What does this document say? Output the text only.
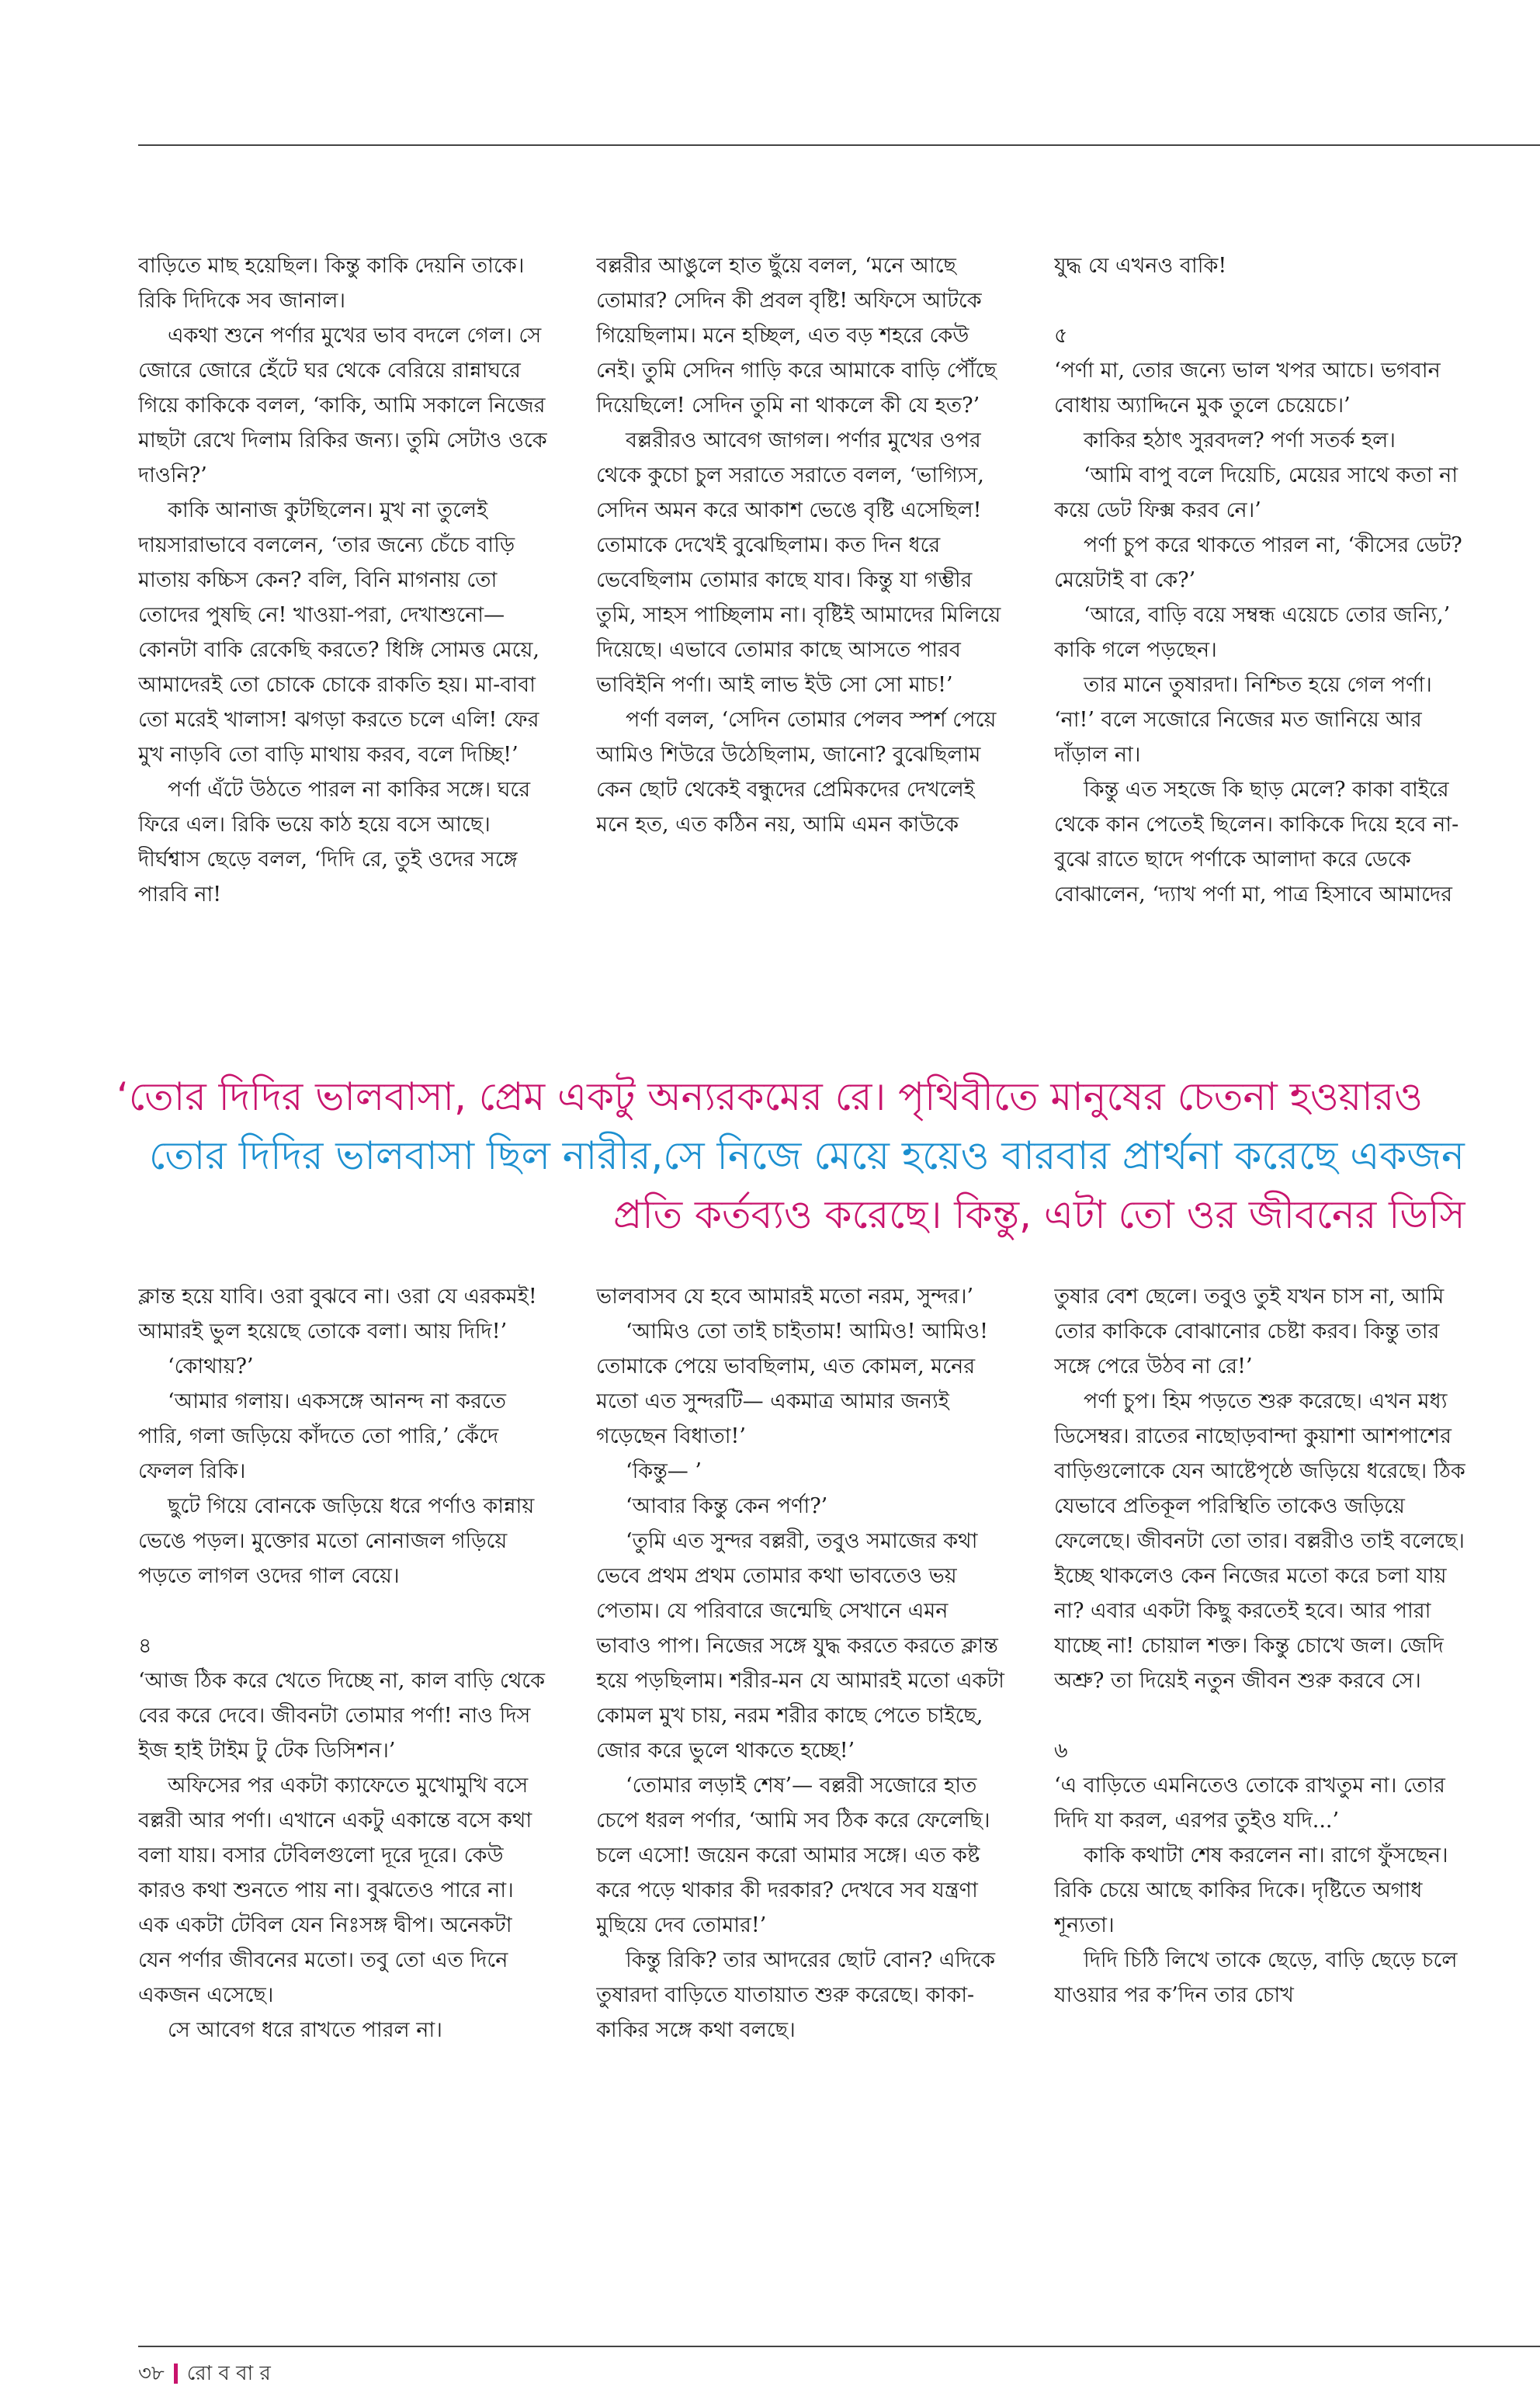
বাড়িতে মাছ হয়েছিল। কিন্তু কাকি দেয়নি তাকে। রিকি দিদিকে সব জানাল।

একথা শুনে পর্ণার মুখের ভাব বদলে গেল। সে জোরে জোরে হেঁটে ঘর থেকে বেরিয়ে রান্নাঘরে গিয়ে কাকিকে বলল, ‘কাকি, আমি সকালে নিজের মাছটা রেখে দিলাম রিকির জন্য। তুমি সেটাও ওকে দাওনি?’

কাকি আনাজ কুটছিলেন। মুখ না তুলেই দায়সারাভাবে বললেন, ‘তার জন্যে চেঁচে বাড়ি মাতায় কচ্চিস কেন? বলি, বিনি মাগনায় তো তোদের পুষছি নে! খাওয়া-পরা, দেখাশুনো— কোনটা বাকি রেকেছি করতে? ধিঙ্গি সোমত্ত মেয়ে, আমাদেরই তো চোকে চোকে রাকতি হয়। মা-বাবা তো মরেই খালাস! ঝগড়া করতে চলে এলি! ফের মুখ নাড়বি তো বাড়ি মাথায় করব, বলে দিচ্ছি!’

পর্ণা এঁটে উঠতে পারল না কাকির সঙ্গে। ঘরে ফিরে এল। রিকি ভয়ে কাঠ হয়ে বসে আছে। দীর্ঘশ্বাস ছেড়ে বলল, ‘দিদি রে, তুই ওদের সঙ্গে পারবি না!

বল্লরীর আঙুলে হাত ছুঁয়ে বলল, ‘মনে আছে তোমার? সেদিন কী প্রবল বৃষ্টি! অফিসে আটকে গিয়েছিলাম। মনে হচ্ছিল, এত বড় শহরে কেউ নেই। তুমি সেদিন গাড়ি করে আমাকে বাড়ি পৌঁছে দিয়েছিলে! সেদিন তুমি না থাকলে কী যে হত?’

বল্লরীরও আবেগ জাগল। পর্ণার মুখের ওপর থেকে কুচো চুল সরাতে সরাতে বলল, ‘ভাগ্যিস, সেদিন অমন করে আকাশ ভেঙে বৃষ্টি এসেছিল! তোমাকে দেখেই বুঝেছিলাম। কত দিন ধরে ভেবেছিলাম তোমার কাছে যাব। কিন্তু যা গম্ভীর তুমি, সাহস পাচ্ছিলাম না। বৃষ্টিই আমাদের মিলিয়ে দিয়েছে। এভাবে তোমার কাছে আসতে পারব ভাবিইনি পর্ণা। আই লাভ ইউ সো সো মাচ!’

পর্ণা বলল, ‘সেদিন তোমার পেলব স্পর্শ পেয়ে আমিও শিউরে উঠেছিলাম, জানো? বুঝেছিলাম কেন ছোট থেকেই বন্ধুদের প্রেমিকদের দেখলেই মনে হত, এত কঠিন নয়, আমি এমন কাউকে

যুদ্ধ যে এখনও বাকি!

৫

‘পর্ণা মা, তোর জন্যে ভাল খপর আচে। ভগবান বোধায় অ্যাদ্দিনে মুক তুলে চেয়েচে।’

কাকির হঠাৎ সুরবদল? পর্ণা সতর্ক হল।

‘আমি বাপু বলে দিয়েচি, মেয়ের সাথে কতা না কয়ে ডেট ফিক্স করব নে।’

পর্ণা চুপ করে থাকতে পারল না, ‘কীসের ডেট? মেয়েটাই বা কে?’

‘আরে, বাড়ি বয়ে সম্বন্ধ এয়েচে তোর জন্যি,’ কাকি গলে পড়ছেন।

তার মানে তুষারদা। নিশ্চিত হয়ে গেল পর্ণা। ‘না!’ বলে সজোরে নিজের মত জানিয়ে আর দাঁড়াল না।

কিন্তু এত সহজে কি ছাড় মেলে? কাকা বাইরে থেকে কান পেতেই ছিলেন। কাকিকে দিয়ে হবে না-বুঝে রাতে ছাদে পর্ণাকে আলাদা করে ডেকে বোঝালেন, ‘দ্যাখ পর্ণা মা, পাত্র হিসাবে আমাদের

‘তোর দিদির ভালবাসা, প্রেম একটু অন্যরকমের রে। পৃথিবীতে মানুষের চেতনা হওয়ারও
তোর দিদির ভালবাসা ছিল নারীর,সে নিজে মেয়ে হয়েও বারবার প্রার্থনা করেছে একজন
প্রতি কর্তব্যও করেছে। কিন্তু, এটা তো ওর জীবনের ডিসি

ক্লান্ত হয়ে যাবি। ওরা বুঝবে না। ওরা যে এরকমই! আমারই ভুল হয়েছে তোকে বলা। আয় দিদি!’

‘কোথায়?’

‘আমার গলায়। একসঙ্গে আনন্দ না করতে পারি, গলা জড়িয়ে কাঁদতে তো পারি,’ কেঁদে ফেলল রিকি।

ছুটে গিয়ে বোনকে জড়িয়ে ধরে পর্ণাও কান্নায় ভেঙে পড়ল। মুক্তোর মতো নোনাজল গড়িয়ে পড়তে লাগল ওদের গাল বেয়ে।

৪

‘আজ ঠিক করে খেতে দিচ্ছে না, কাল বাড়ি থেকে বের করে দেবে। জীবনটা তোমার পর্ণা! নাও দিস ইজ হাই টাইম টু টেক ডিসিশন।’

অফিসের পর একটা ক্যাফেতে মুখোমুখি বসে বল্লরী আর পর্ণা। এখানে একটু একান্তে বসে কথা বলা যায়। বসার টেবিলগুলো দূরে দূরে। কেউ কারও কথা শুনতে পায় না। বুঝতেও পারে না। এক একটা টেবিল যেন নিঃসঙ্গ দ্বীপ। অনেকটা যেন পর্ণার জীবনের মতো। তবু তো এত দিনে একজন এসেছে।

সে আবেগ ধরে রাখতে পারল না।

ভালবাসব যে হবে আমারই মতো নরম, সুন্দর।’

‘আমিও তো তাই চাইতাম! আমিও! আমিও! তোমাকে পেয়ে ভাবছিলাম, এত কোমল, মনের মতো এত সুন্দরটি— একমাত্র আমার জন্যই গড়েছেন বিধাতা!’

‘কিন্তু— ’

‘আবার কিন্তু কেন পর্ণা?’

‘তুমি এত সুন্দর বল্লরী, তবুও সমাজের কথা ভেবে প্রথম প্রথম তোমার কথা ভাবতেও ভয় পেতাম। যে পরিবারে জন্মেছি সেখানে এমন ভাবাও পাপ। নিজের সঙ্গে যুদ্ধ করতে করতে ক্লান্ত হয়ে পড়ছিলাম। শরীর-মন যে আমারই মতো একটা কোমল মুখ চায়, নরম শরীর কাছে পেতে চাইছে, জোর করে ভুলে থাকতে হচ্ছে!’

‘তোমার লড়াই শেষ’— বল্লরী সজোরে হাত চেপে ধরল পর্ণার, ‘আমি সব ঠিক করে ফেলেছি। চলে এসো! জয়েন করো আমার সঙ্গে। এত কষ্ট করে পড়ে থাকার কী দরকার? দেখবে সব যন্ত্রণা মুছিয়ে দেব তোমার!’

কিন্তু রিকি? তার আদরের ছোট বোন? এদিকে তুষারদা বাড়িতে যাতায়াত শুরু করেছে। কাকা-কাকির সঙ্গে কথা বলছে।

তুষার বেশ ছেলে। তবুও তুই যখন চাস না, আমি তোর কাকিকে বোঝানোর চেষ্টা করব। কিন্তু তার সঙ্গে পেরে উঠব না রে!’

পর্ণা চুপ। হিম পড়তে শুরু করেছে। এখন মধ্য ডিসেম্বর। রাতের নাছোড়বান্দা কুয়াশা আশপাশের বাড়িগুলোকে যেন আষ্টেপৃষ্ঠে জড়িয়ে ধরেছে। ঠিক যেভাবে প্রতিকূল পরিস্থিতি তাকেও জড়িয়ে ফেলেছে। জীবনটা তো তার। বল্লরীও তাই বলেছে। ইচ্ছে থাকলেও কেন নিজের মতো করে চলা যায় না? এবার একটা কিছু করতেই হবে। আর পারা যাচ্ছে না! চোয়াল শক্ত। কিন্তু চোখে জল। জেদি অশ্রু? তা দিয়েই নতুন জীবন শুরু করবে সে।

৬

‘এ বাড়িতে এমনিতেও তোকে রাখতুম না। তোর দিদি যা করল, এরপর তুইও যদি...’

কাকি কথাটা শেষ করলেন না। রাগে ফুঁসছেন। রিকি চেয়ে আছে কাকির দিকে। দৃষ্টিতে অগাধ শূন্যতা।

দিদি চিঠি লিখে তাকে ছেড়ে, বাড়ি ছেড়ে চলে যাওয়ার পর ক’দিন তার চোখ

৩৮ রো ব বা র
